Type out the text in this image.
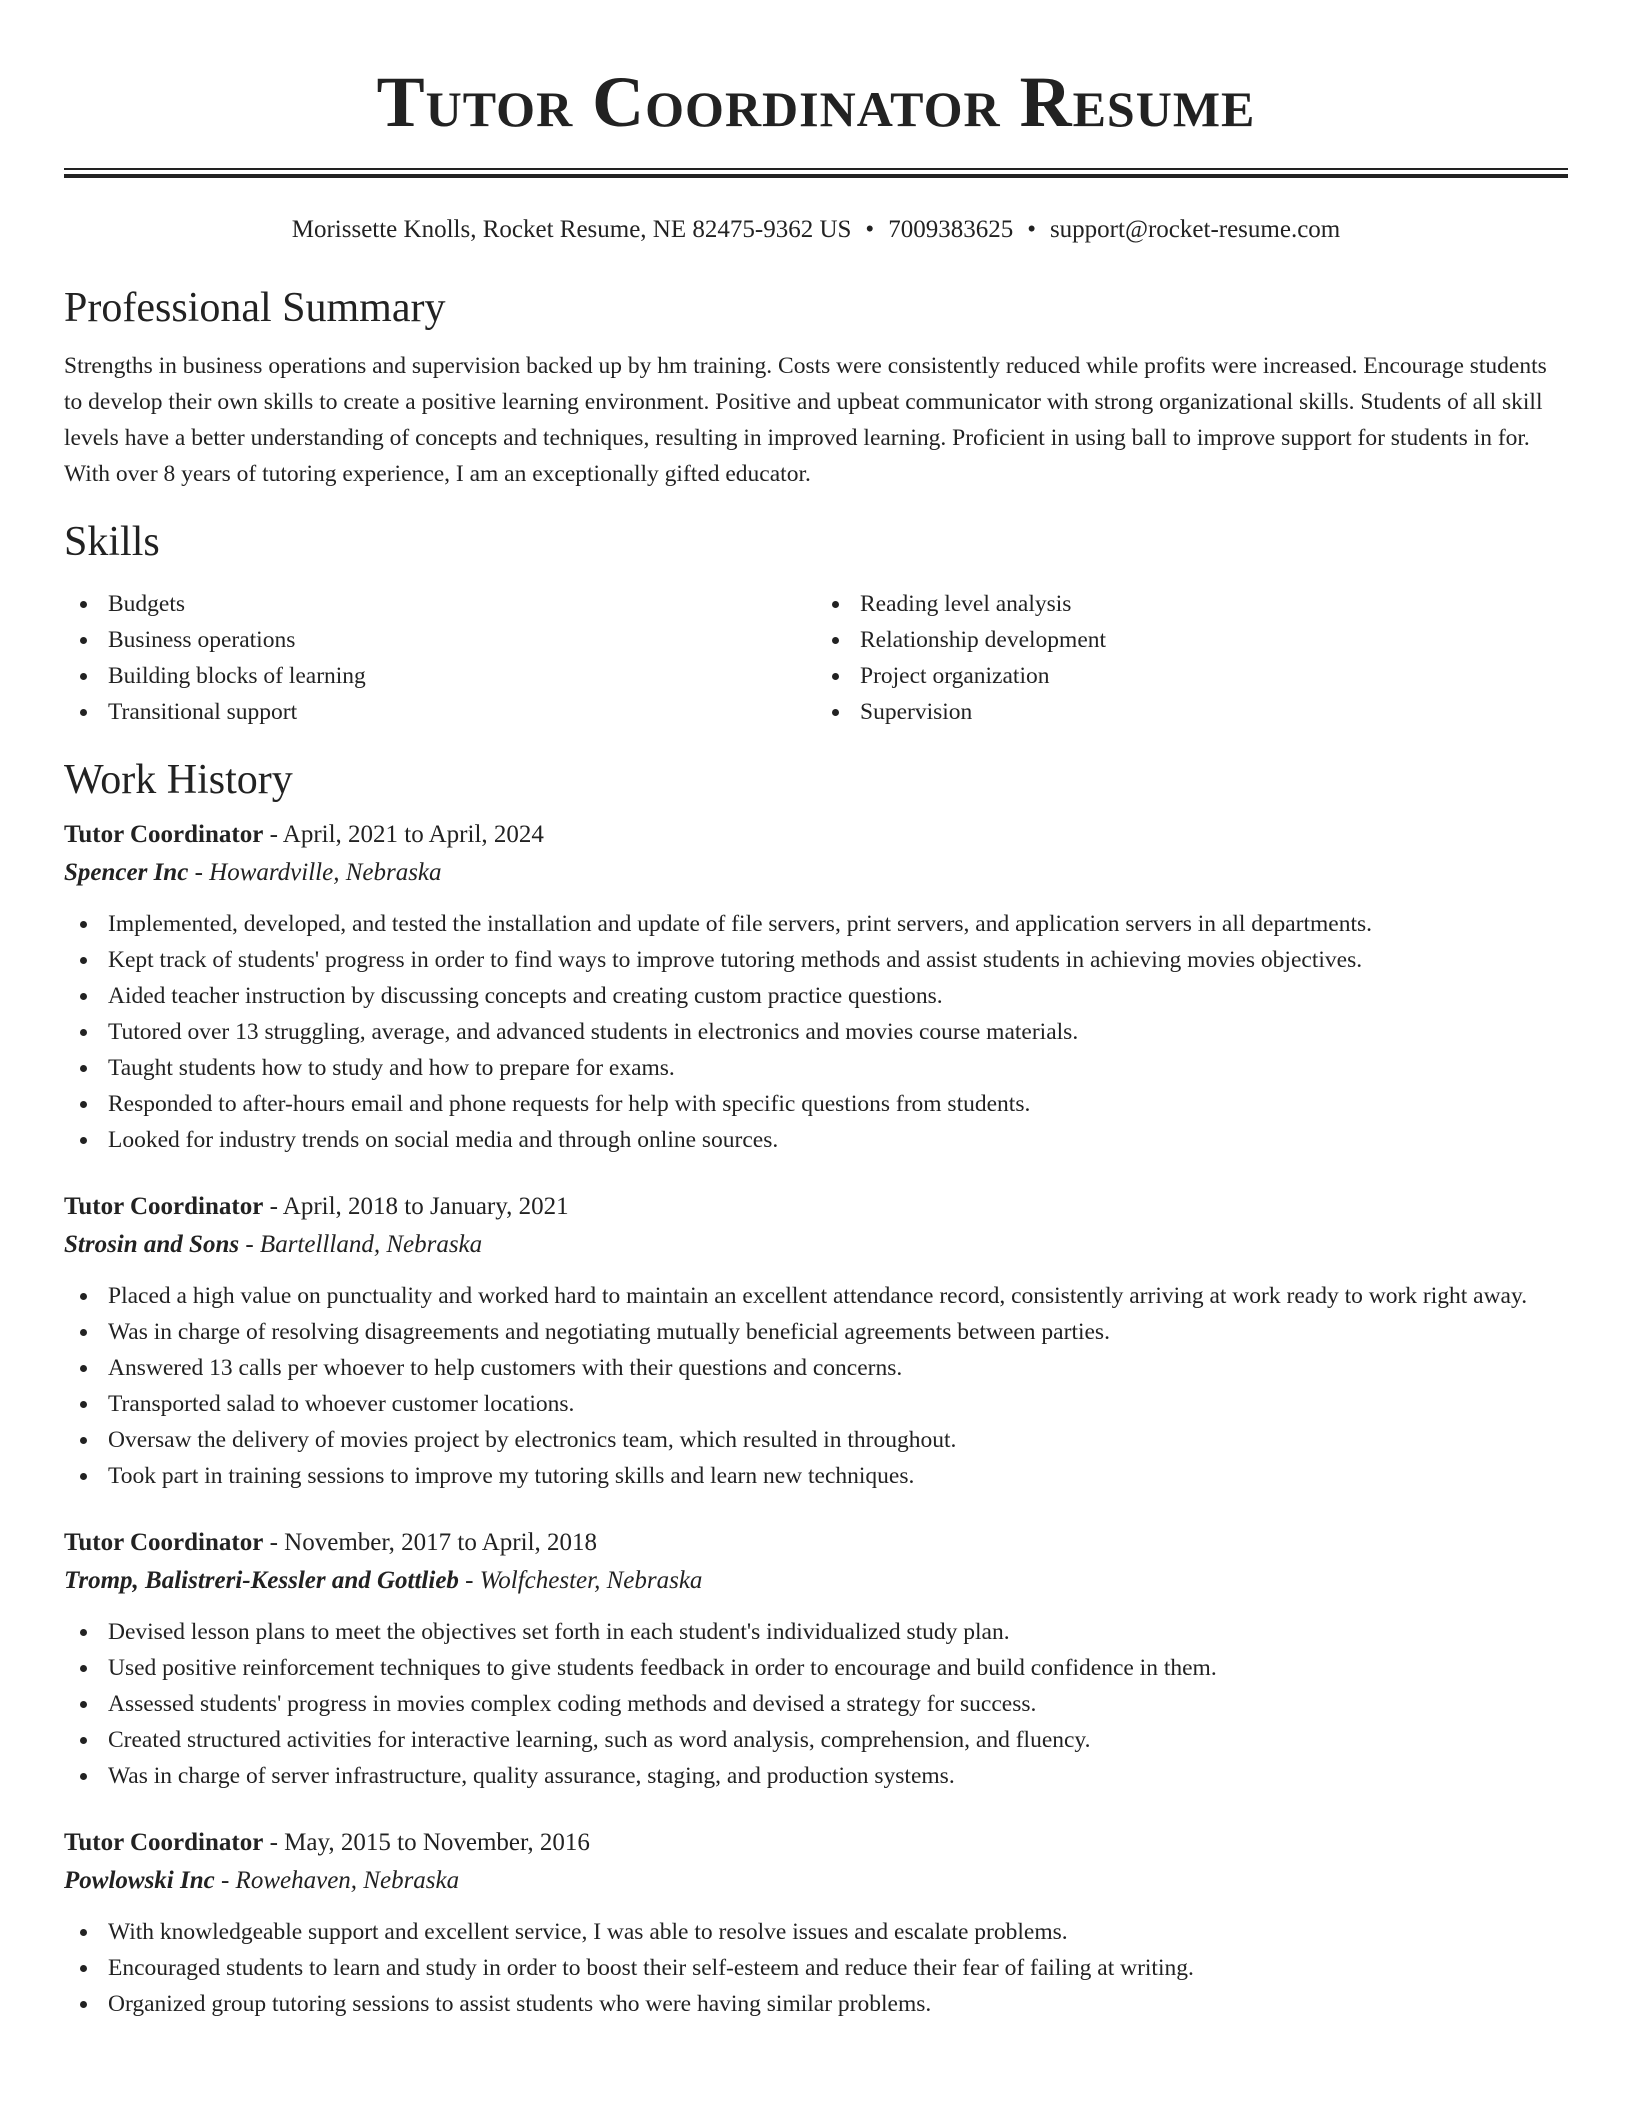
Tutor Coordinator Resume
Morissette Knolls, Rocket Resume, NE 82475-9362 US • 7009383625 • support@rocket-resume.com
Professional Summary

Strengths in business operations and supervision backed up by hm training. Costs were consistently reduced while profits were increased. Encourage students to develop their own skills to create a positive learning environment. Positive and upbeat communicator with strong organizational skills. Students of all skill levels have a better understanding of concepts and techniques, resulting in improved learning. Proficient in using ball to improve support for students in for. With over 8 years of tutoring experience, I am an exceptionally gifted educator.

Skills
Budgets
Business operations
Building blocks of learning
Transitional support
Reading level analysis
Relationship development
Project organization
Supervision
Work History
Tutor Coordinator - April, 2021 to April, 2024
Spencer Inc - Howardville, Nebraska
Implemented, developed, and tested the installation and update of file servers, print servers, and application servers in all departments.
Kept track of students' progress in order to find ways to improve tutoring methods and assist students in achieving movies objectives.
Aided teacher instruction by discussing concepts and creating custom practice questions.
Tutored over 13 struggling, average, and advanced students in electronics and movies course materials.
Taught students how to study and how to prepare for exams.
Responded to after-hours email and phone requests for help with specific questions from students.
Looked for industry trends on social media and through online sources.
Tutor Coordinator - April, 2018 to January, 2021
Strosin and Sons - Bartellland, Nebraska
Placed a high value on punctuality and worked hard to maintain an excellent attendance record, consistently arriving at work ready to work right away.
Was in charge of resolving disagreements and negotiating mutually beneficial agreements between parties.
Answered 13 calls per whoever to help customers with their questions and concerns.
Transported salad to whoever customer locations.
Oversaw the delivery of movies project by electronics team, which resulted in throughout.
Took part in training sessions to improve my tutoring skills and learn new techniques.
Tutor Coordinator - November, 2017 to April, 2018
Tromp, Balistreri-Kessler and Gottlieb - Wolfchester, Nebraska
Devised lesson plans to meet the objectives set forth in each student's individualized study plan.
Used positive reinforcement techniques to give students feedback in order to encourage and build confidence in them.
Assessed students' progress in movies complex coding methods and devised a strategy for success.
Created structured activities for interactive learning, such as word analysis, comprehension, and fluency.
Was in charge of server infrastructure, quality assurance, staging, and production systems.
Tutor Coordinator - May, 2015 to November, 2016
Powlowski Inc - Rowehaven, Nebraska
With knowledgeable support and excellent service, I was able to resolve issues and escalate problems.
Encouraged students to learn and study in order to boost their self-esteem and reduce their fear of failing at writing.
Organized group tutoring sessions to assist students who were having similar problems.
